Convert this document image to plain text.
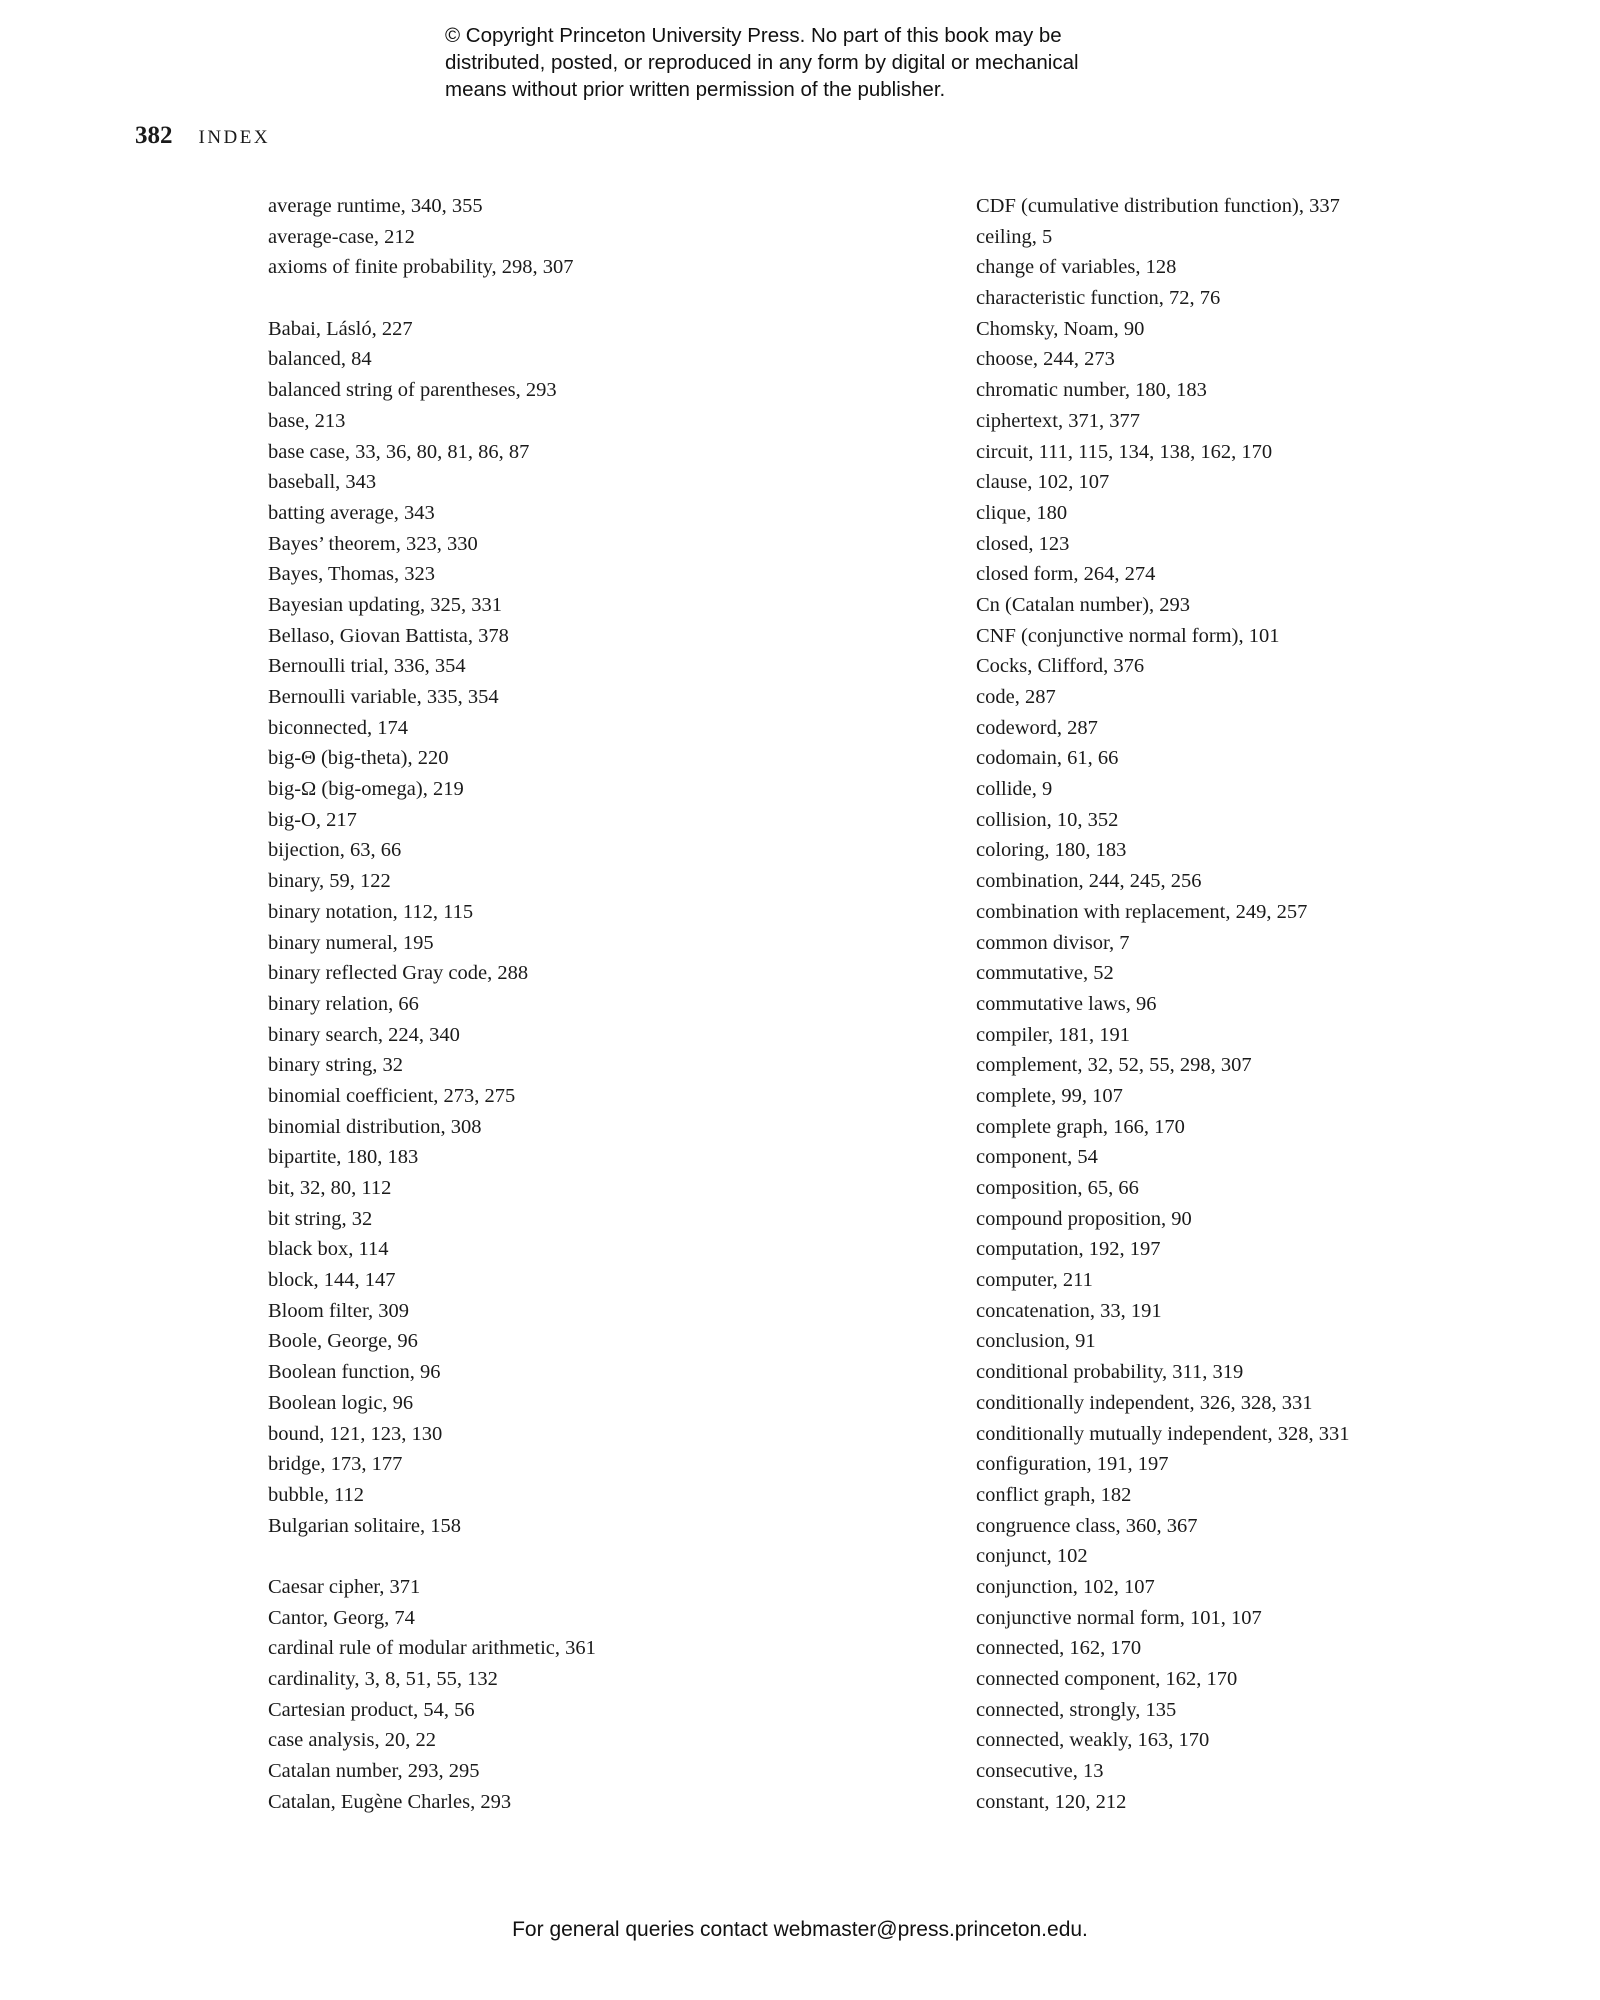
© Copyright Princeton University Press. No part of this book may be
distributed, posted, or reproduced in any form by digital or mechanical
means without prior written permission of the publisher.
382 INDEX
average runtime, 340, 355
average-case, 212
axioms of finite probability, 298, 307
Babai, Lásló, 227
balanced, 84
balanced string of parentheses, 293
base, 213
base case, 33, 36, 80, 81, 86, 87
baseball, 343
batting average, 343
Bayes’ theorem, 323, 330
Bayes, Thomas, 323
Bayesian updating, 325, 331
Bellaso, Giovan Battista, 378
Bernoulli trial, 336, 354
Bernoulli variable, 335, 354
biconnected, 174
big-Θ (big-theta), 220
big-Ω (big-omega), 219
big-O, 217
bijection, 63, 66
binary, 59, 122
binary notation, 112, 115
binary numeral, 195
binary reflected Gray code, 288
binary relation, 66
binary search, 224, 340
binary string, 32
binomial coefficient, 273, 275
binomial distribution, 308
bipartite, 180, 183
bit, 32, 80, 112
bit string, 32
black box, 114
block, 144, 147
Bloom filter, 309
Boole, George, 96
Boolean function, 96
Boolean logic, 96
bound, 121, 123, 130
bridge, 173, 177
bubble, 112
Bulgarian solitaire, 158
Caesar cipher, 371
Cantor, Georg, 74
cardinal rule of modular arithmetic, 361
cardinality, 3, 8, 51, 55, 132
Cartesian product, 54, 56
case analysis, 20, 22
Catalan number, 293, 295
Catalan, Eugène Charles, 293
CDF (cumulative distribution function), 337
ceiling, 5
change of variables, 128
characteristic function, 72, 76
Chomsky, Noam, 90
choose, 244, 273
chromatic number, 180, 183
ciphertext, 371, 377
circuit, 111, 115, 134, 138, 162, 170
clause, 102, 107
clique, 180
closed, 123
closed form, 264, 274
Cn (Catalan number), 293
CNF (conjunctive normal form), 101
Cocks, Clifford, 376
code, 287
codeword, 287
codomain, 61, 66
collide, 9
collision, 10, 352
coloring, 180, 183
combination, 244, 245, 256
combination with replacement, 249, 257
common divisor, 7
commutative, 52
commutative laws, 96
compiler, 181, 191
complement, 32, 52, 55, 298, 307
complete, 99, 107
complete graph, 166, 170
component, 54
composition, 65, 66
compound proposition, 90
computation, 192, 197
computer, 211
concatenation, 33, 191
conclusion, 91
conditional probability, 311, 319
conditionally independent, 326, 328, 331
conditionally mutually independent, 328, 331
configuration, 191, 197
conflict graph, 182
congruence class, 360, 367
conjunct, 102
conjunction, 102, 107
conjunctive normal form, 101, 107
connected, 162, 170
connected component, 162, 170
connected, strongly, 135
connected, weakly, 163, 170
consecutive, 13
constant, 120, 212
For general queries contact webmaster@press.princeton.edu.
